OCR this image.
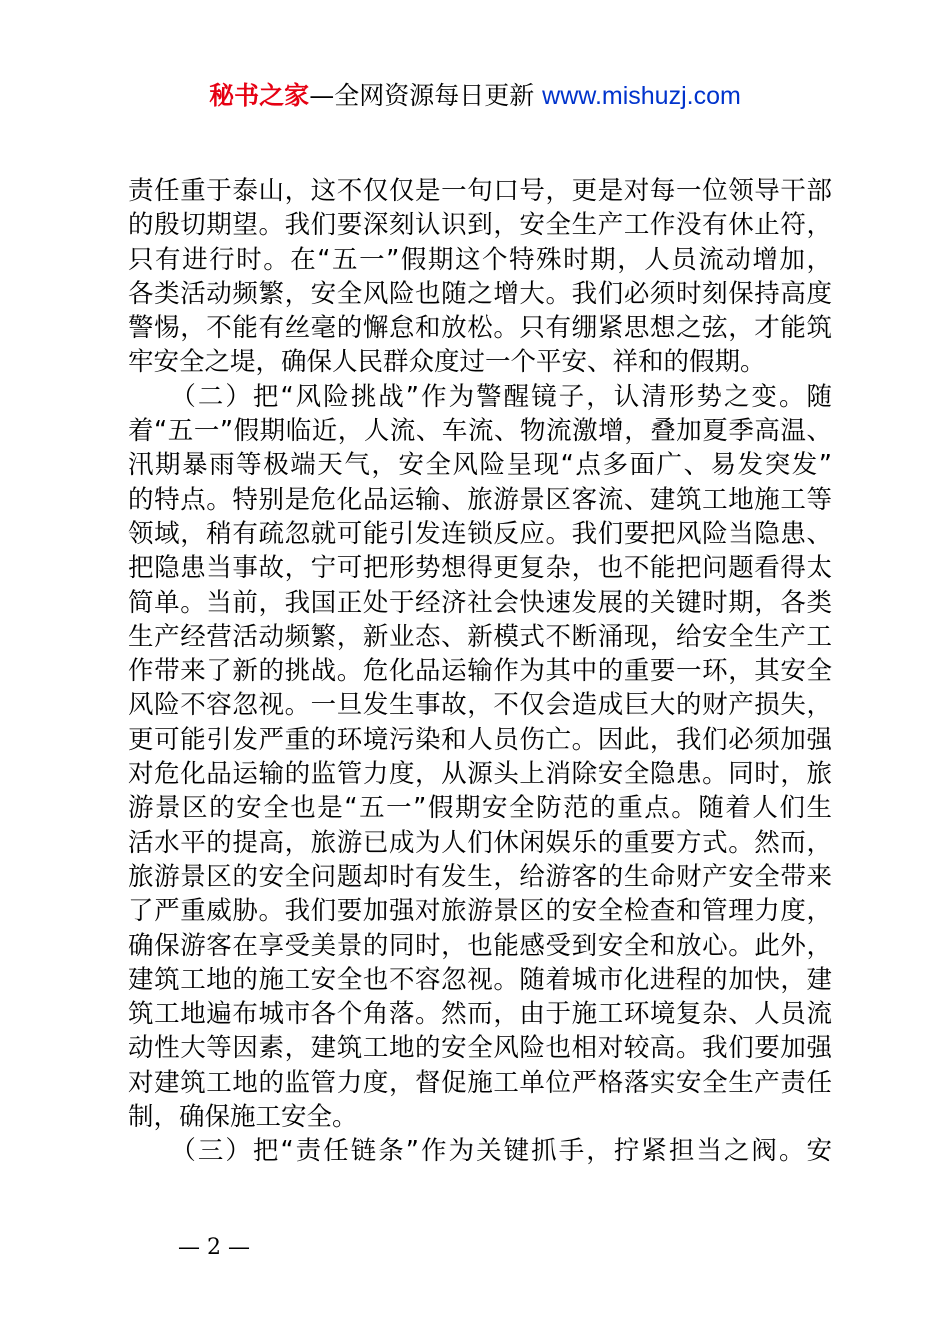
秘书之家—全网资源每日更新 www.mishuzj.com
责任重于泰山，这不仅仅是一句口号，更是对每一位领导干部
的殷切期望。我们要深刻认识到，安全生产工作没有休止符，
只有进行时。在“五一”假期这个特殊时期，人员流动增加，
各类活动频繁，安全风险也随之增大。我们必须时刻保持高度
警惕，不能有丝毫的懈怠和放松。只有绷紧思想之弦，才能筑
牢安全之堤，确保人民群众度过一个平安、祥和的假期。
　　（二）把“风险挑战”作为警醒镜子，认清形势之变。随
着“五一”假期临近，人流、车流、物流激增，叠加夏季高温、
汛期暴雨等极端天气，安全风险呈现“点多面广、易发突发”
的特点。特别是危化品运输、旅游景区客流、建筑工地施工等
领域，稍有疏忽就可能引发连锁反应。我们要把风险当隐患、
把隐患当事故，宁可把形势想得更复杂，也不能把问题看得太
简单。当前，我国正处于经济社会快速发展的关键时期，各类
生产经营活动频繁，新业态、新模式不断涌现，给安全生产工
作带来了新的挑战。危化品运输作为其中的重要一环，其安全
风险不容忽视。一旦发生事故，不仅会造成巨大的财产损失，
更可能引发严重的环境污染和人员伤亡。因此，我们必须加强
对危化品运输的监管力度，从源头上消除安全隐患。同时，旅
游景区的安全也是“五一”假期安全防范的重点。随着人们生
活水平的提高，旅游已成为人们休闲娱乐的重要方式。然而，
旅游景区的安全问题却时有发生，给游客的生命财产安全带来
了严重威胁。我们要加强对旅游景区的安全检查和管理力度，
确保游客在享受美景的同时，也能感受到安全和放心。此外，
建筑工地的施工安全也不容忽视。随着城市化进程的加快，建
筑工地遍布城市各个角落。然而，由于施工环境复杂、人员流
动性大等因素，建筑工地的安全风险也相对较高。我们要加强
对建筑工地的监管力度，督促施工单位严格落实安全生产责任
制，确保施工安全。
　　（三）把“责任链条”作为关键抓手，拧紧担当之阀。安
— 2 —
